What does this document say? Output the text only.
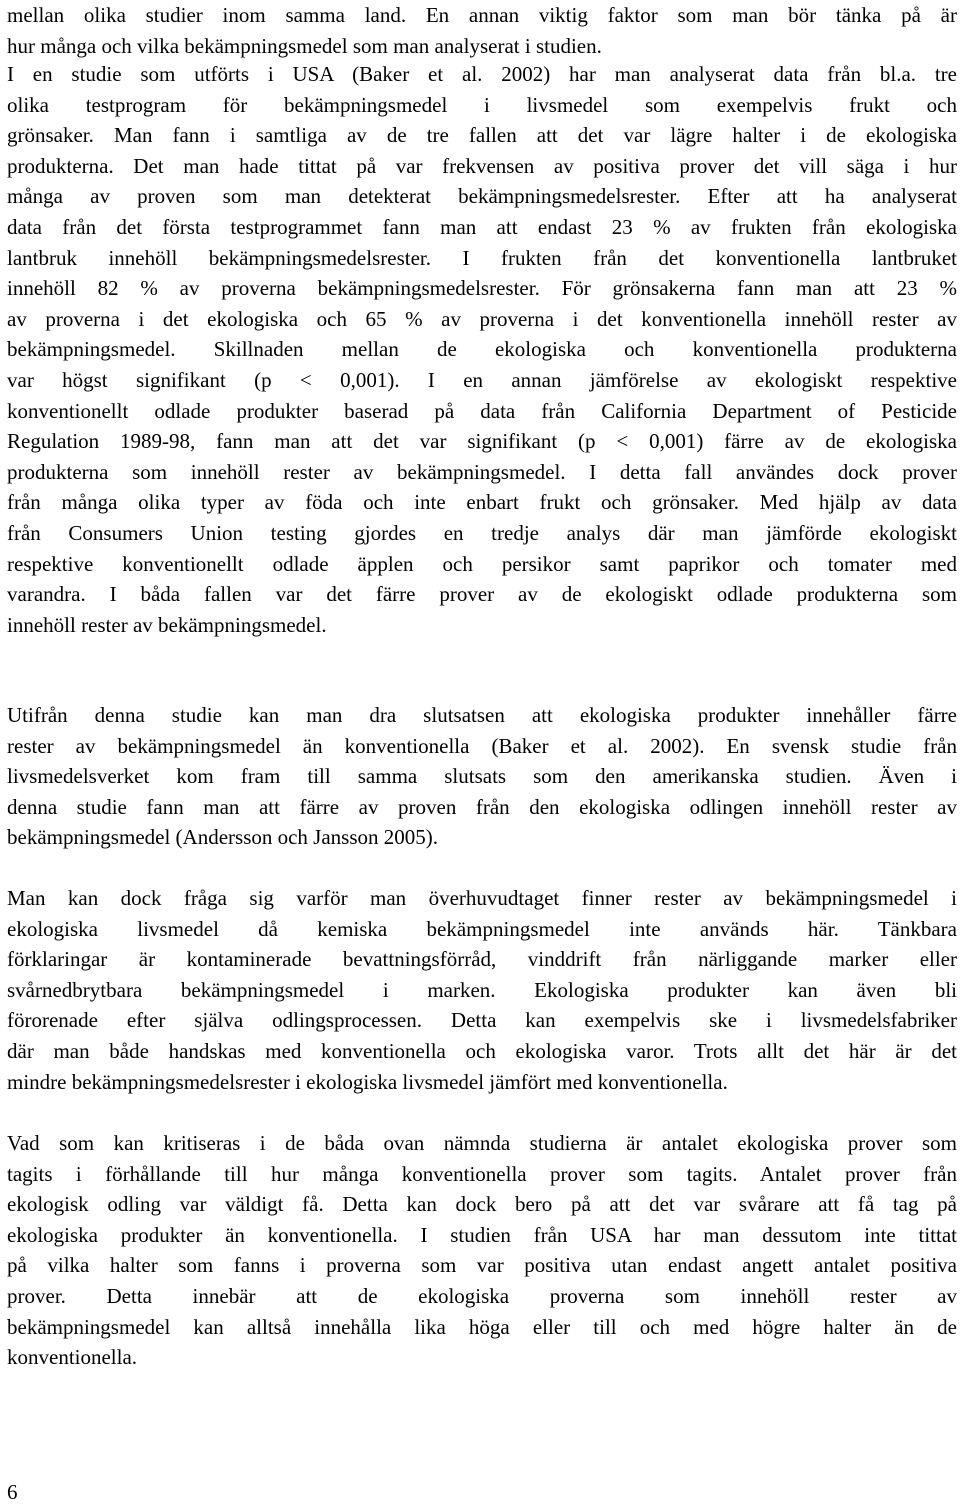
mellan olika studier inom samma land. En annan viktig faktor som man bör tänka på är
hur många och vilka bekämpningsmedel som man analyserat i studien.
I en studie som utförts i USA (Baker et al. 2002) har man analyserat data från bl.a. tre
olika testprogram för bekämpningsmedel i livsmedel som exempelvis frukt och
grönsaker. Man fann i samtliga av de tre fallen att det var lägre halter i de ekologiska
produkterna. Det man hade tittat på var frekvensen av positiva prover det vill säga i hur
många av proven som man detekterat bekämpningsmedelsrester. Efter att ha analyserat
data från det första testprogrammet fann man att endast 23 % av frukten från ekologiska
lantbruk innehöll bekämpningsmedelsrester. I frukten från det konventionella lantbruket
innehöll 82 % av proverna bekämpningsmedelsrester. För grönsakerna fann man att 23 %
av proverna i det ekologiska och 65 % av proverna i det konventionella innehöll rester av
bekämpningsmedel. Skillnaden mellan de ekologiska och konventionella produkterna
var högst signifikant (p < 0,001). I en annan jämförelse av ekologiskt respektive
konventionellt odlade produkter baserad på data från California Department of Pesticide
Regulation 1989-98, fann man att det var signifikant (p < 0,001) färre av de ekologiska
produkterna som innehöll rester av bekämpningsmedel. I detta fall användes dock prover
från många olika typer av föda och inte enbart frukt och grönsaker. Med hjälp av data
från Consumers Union testing gjordes en tredje analys där man jämförde ekologiskt
respektive konventionellt odlade äpplen och persikor samt paprikor och tomater med
varandra. I båda fallen var det färre prover av de ekologiskt odlade produkterna som
innehöll rester av bekämpningsmedel.
Utifrån denna studie kan man dra slutsatsen att ekologiska produkter innehåller färre
rester av bekämpningsmedel än konventionella (Baker et al. 2002). En svensk studie från
livsmedelsverket kom fram till samma slutsats som den amerikanska studien. Även i
denna studie fann man att färre av proven från den ekologiska odlingen innehöll rester av
bekämpningsmedel (Andersson och Jansson 2005).
Man kan dock fråga sig varför man överhuvudtaget finner rester av bekämpningsmedel i
ekologiska livsmedel då kemiska bekämpningsmedel inte används här. Tänkbara
förklaringar är kontaminerade bevattningsförråd, vinddrift från närliggande marker eller
svårnedbrytbara bekämpningsmedel i marken. Ekologiska produkter kan även bli
förorenade efter själva odlingsprocessen. Detta kan exempelvis ske i livsmedelsfabriker
där man både handskas med konventionella och ekologiska varor. Trots allt det här är det
mindre bekämpningsmedelsrester i ekologiska livsmedel jämfört med konventionella.
Vad som kan kritiseras i de båda ovan nämnda studierna är antalet ekologiska prover som
tagits i förhållande till hur många konventionella prover som tagits. Antalet prover från
ekologisk odling var väldigt få. Detta kan dock bero på att det var svårare att få tag på
ekologiska produkter än konventionella. I studien från USA har man dessutom inte tittat
på vilka halter som fanns i proverna som var positiva utan endast angett antalet positiva
prover. Detta innebär att de ekologiska proverna som innehöll rester av
bekämpningsmedel kan alltså innehålla lika höga eller till och med högre halter än de
konventionella.
6
